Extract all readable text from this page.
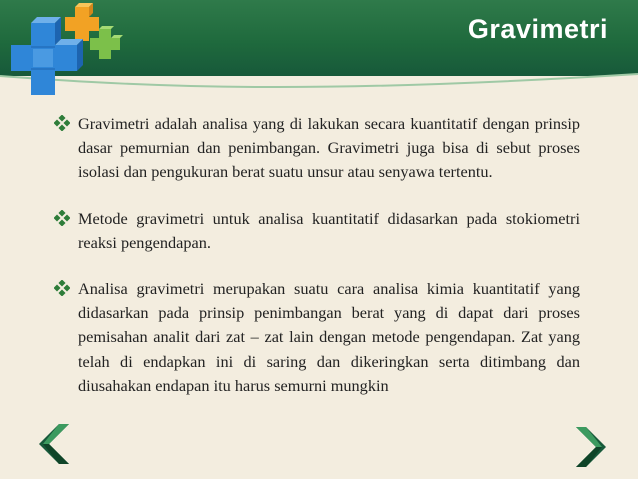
Gravimetri
Gravimetri adalah analisa yang di lakukan secara kuantitatif dengan prinsip dasar pemurnian dan penimbangan. Gravimetri juga bisa di sebut proses isolasi dan pengukuran berat suatu unsur atau senyawa tertentu.
Metode gravimetri untuk analisa kuantitatif didasarkan pada stokiometri reaksi pengendapan.
Analisa gravimetri merupakan suatu cara analisa kimia kuantitatif yang didasarkan pada prinsip penimbangan berat yang di dapat dari proses pemisahan analit dari zat – zat lain dengan metode pengendapan. Zat yang telah di endapkan ini di saring dan dikeringkan serta ditimbang dan diusahakan endapan itu harus semurni mungkin
